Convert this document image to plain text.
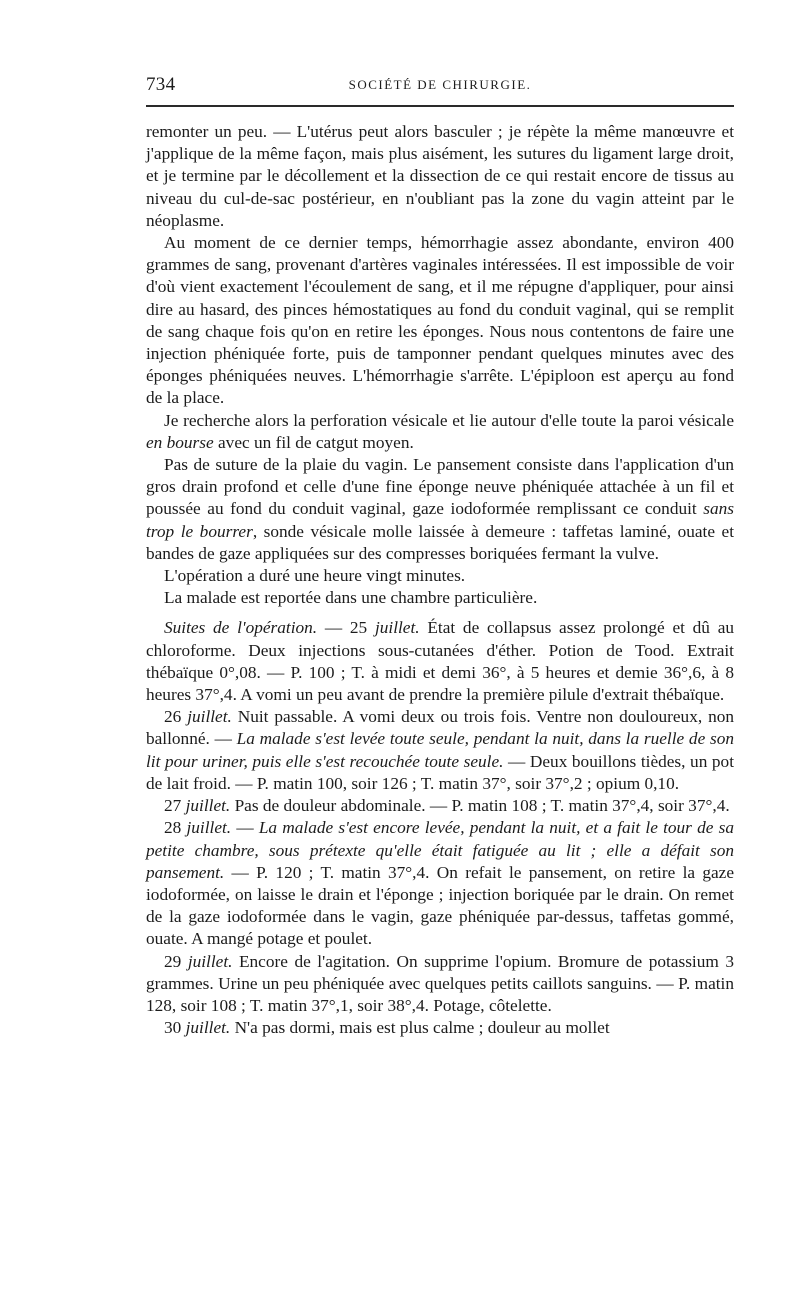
734	SOCIÉTÉ DE CHIRURGIE.

remonter un peu. — L'utérus peut alors basculer ; je répète la même manœuvre et j'applique de la même façon, mais plus aisément, les sutures du ligament large droit, et je termine par le décollement et la dissection de ce qui restait encore de tissus au niveau du cul-de-sac postérieur, en n'oubliant pas la zone du vagin atteint par le néoplasme.

Au moment de ce dernier temps, hémorrhagie assez abondante, environ 400 grammes de sang, provenant d'artères vaginales intéressées. Il est impossible de voir d'où vient exactement l'écoulement de sang, et il me répugne d'appliquer, pour ainsi dire au hasard, des pinces hémostatiques au fond du conduit vaginal, qui se remplit de sang chaque fois qu'on en retire les éponges. Nous nous contentons de faire une injection phéniquée forte, puis de tamponner pendant quelques minutes avec des éponges phéniquées neuves. L'hémorrhagie s'arrête. L'épiploon est aperçu au fond de la place.

Je recherche alors la perforation vésicale et lie autour d'elle toute la paroi vésicale en bourse avec un fil de catgut moyen.

Pas de suture de la plaie du vagin. Le pansement consiste dans l'application d'un gros drain profond et celle d'une fine éponge neuve phéniquée attachée à un fil et poussée au fond du conduit vaginal, gaze iodoformée remplissant ce conduit sans trop le bourrer, sonde vésicale molle laissée à demeure : taffetas laminé, ouate et bandes de gaze appliquées sur des compresses boriquées fermant la vulve.

L'opération a duré une heure vingt minutes.

La malade est reportée dans une chambre particulière.

Suites de l'opération. — 25 juillet. État de collapsus assez prolongé et dû au chloroforme. Deux injections sous-cutanées d'éther. Potion de Tood. Extrait thébaïque 0°,08. — P. 100 ; T. à midi et demi 36°, à 5 heures et demie 36°,6, à 8 heures 37°,4. A vomi un peu avant de prendre la première pilule d'extrait thébaïque.

26 juillet. Nuit passable. A vomi deux ou trois fois. Ventre non douloureux, non ballonné. — La malade s'est levée toute seule, pendant la nuit, dans la ruelle de son lit pour uriner, puis elle s'est recouchée toute seule. — Deux bouillons tièdes, un pot de lait froid. — P. matin 100, soir 126 ; T. matin 37°, soir 37°,2 ; opium 0,10.

27 juillet. Pas de douleur abdominale. — P. matin 108 ; T. matin 37°,4, soir 37°,4.

28 juillet. — La malade s'est encore levée, pendant la nuit, et a fait le tour de sa petite chambre, sous prétexte qu'elle était fatiguée au lit ; elle a défait son pansement. — P. 120 ; T. matin 37°,4. On refait le pansement, on retire la gaze iodoformée, on laisse le drain et l'éponge ; injection boriquée par le drain. On remet de la gaze iodoformée dans le vagin, gaze phéniquée par-dessus, taffetas gommé, ouate. A mangé potage et poulet.

29 juillet. Encore de l'agitation. On supprime l'opium. Bromure de potassium 3 grammes. Urine un peu phéniquée avec quelques petits caillots sanguins. — P. matin 128, soir 108 ; T. matin 37°,1, soir 38°,4. Potage, côtelette.

30 juillet. N'a pas dormi, mais est plus calme ; douleur au mollet
